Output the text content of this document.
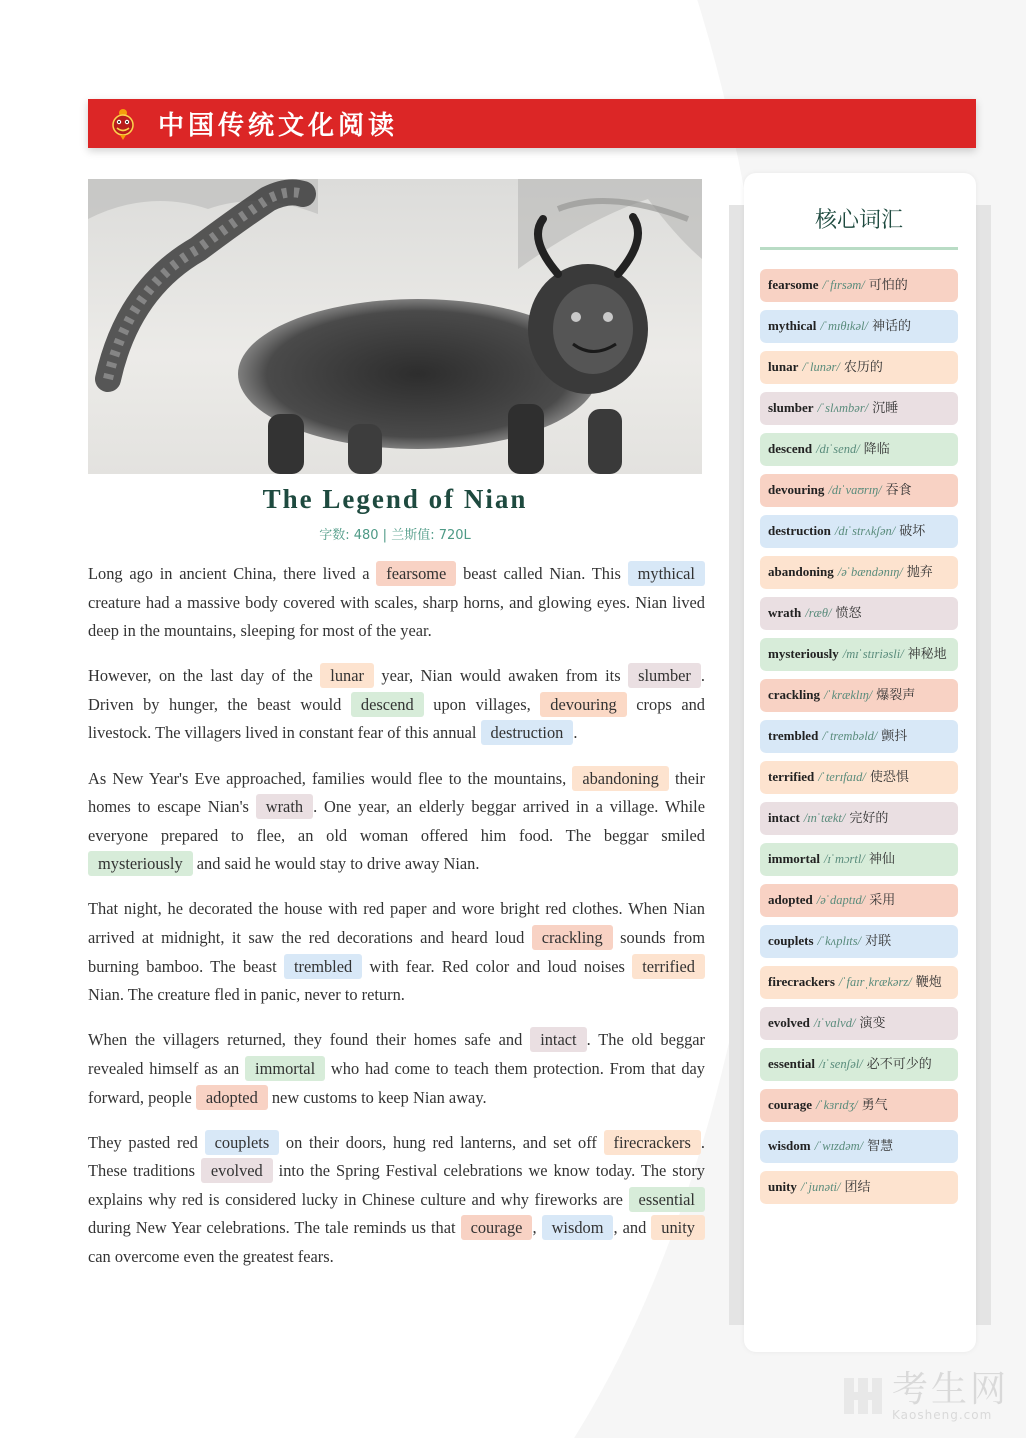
中国传统文化阅读
The Legend of Nian
字数: 480 | 兰斯值: 720L

Long ago in ancient China, there lived a fearsome beast called Nian. This mythical creature had a massive body covered with scales, sharp horns, and glowing eyes. Nian lived deep in the mountains, sleeping for most of the year.

However, on the last day of the lunar year, Nian would awaken from its slumber . Driven by hunger, the beast would descend upon villages, devouring crops and livestock. The villagers lived in constant fear of this annual destruction .

As New Year's Eve approached, families would flee to the mountains, abandoning their homes to escape Nian's wrath . One year, an elderly beggar arrived in a village. While everyone prepared to flee, an old woman offered him food. The beggar smiled mysteriously and said he would stay to drive away Nian.

That night, he decorated the house with red paper and wore bright red clothes. When Nian arrived at midnight, it saw the red decorations and heard loud crackling sounds from burning bamboo. The beast trembled with fear. Red color and loud noises terrified Nian. The creature fled in panic, never to return.

When the villagers returned, they found their homes safe and intact . The old beggar revealed himself as an immortal who had come to teach them protection. From that day forward, people adopted new customs to keep Nian away.

They pasted red couplets on their doors, hung red lanterns, and set off firecrackers . These traditions evolved into the Spring Festival celebrations we know today. The story explains why red is considered lucky in Chinese culture and why fireworks are essential during New Year celebrations. The tale reminds us that courage , wisdom , and unity can overcome even the greatest fears.

核心词汇
fearsome /ˈfɪrsəm/ 可怕的
mythical /ˈmɪθɪkəl/ 神话的
lunar /ˈlunər/ 农历的
slumber /ˈslʌmbər/ 沉睡
descend /dɪˈsend/ 降临
devouring /dɪˈvaʊrɪŋ/ 吞食
destruction /dɪˈstrʌkʃən/ 破坏
abandoning /əˈbændənɪŋ/ 抛弃
wrath /ræθ/ 愤怒
mysteriously /mɪˈstɪriəsli/ 神秘地
crackling /ˈkræklɪŋ/ 爆裂声
trembled /ˈtrembəld/ 颤抖
terrified /ˈterɪfaɪd/ 使恐惧
intact /ɪnˈtækt/ 完好的
immortal /ɪˈmɔrtl/ 神仙
adopted /əˈdaptɪd/ 采用
couplets /ˈkʌplɪts/ 对联
firecrackers /ˈfaɪrˌkrækərz/ 鞭炮
evolved /ɪˈvɑlvd/ 演变
essential /ɪˈsenʃəl/ 必不可少的
courage /ˈkɜrɪdʒ/ 勇气
wisdom /ˈwɪzdəm/ 智慧
unity /ˈjunəti/ 团结
考生网
Kaosheng.com
